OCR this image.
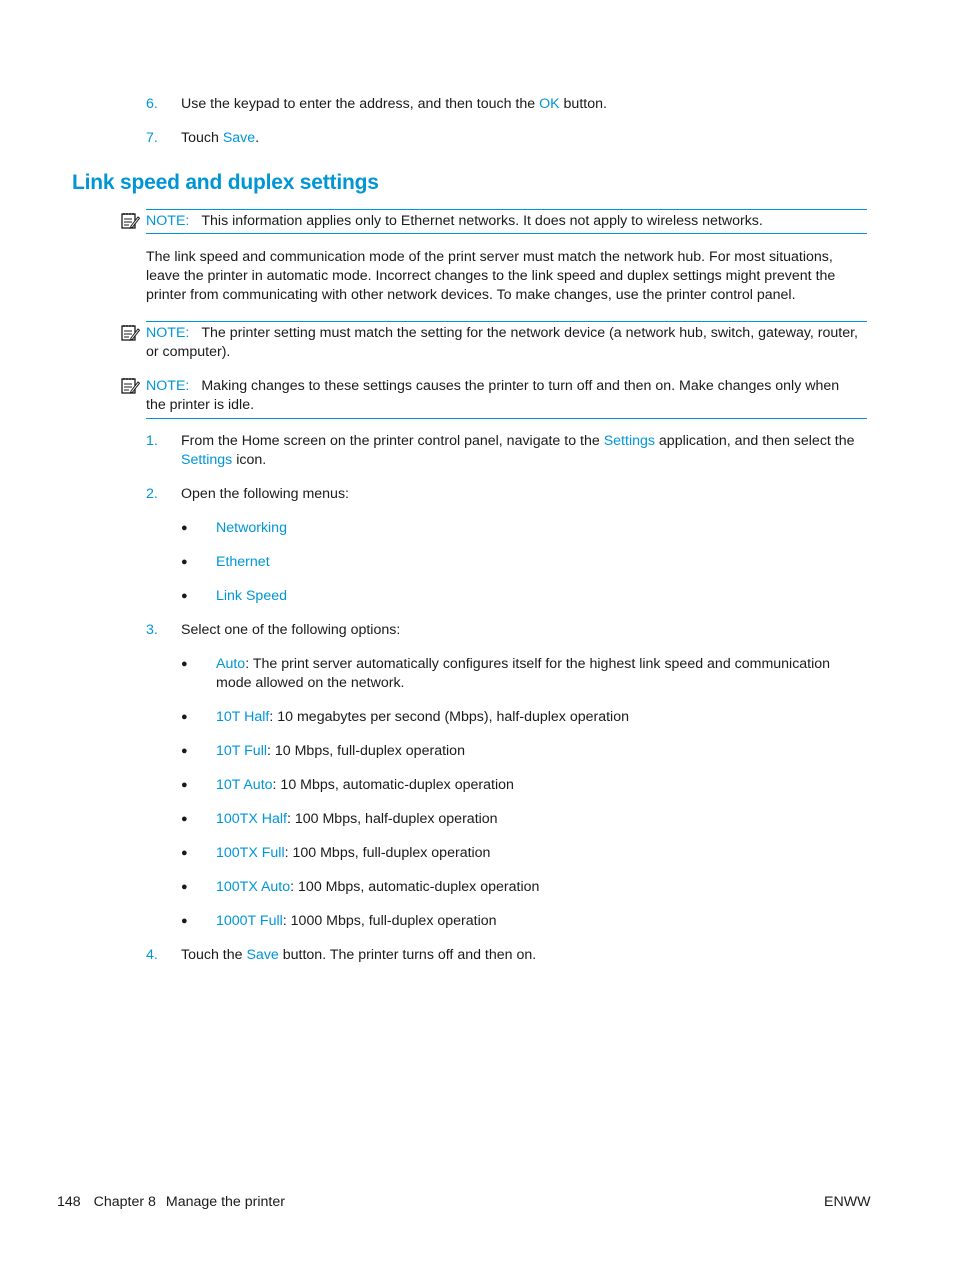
6. Use the keypad to enter the address, and then touch the OK button.
7. Touch Save.
Link speed and duplex settings
NOTE: This information applies only to Ethernet networks. It does not apply to wireless networks.

The link speed and communication mode of the print server must match the network hub. For most situations, leave the printer in automatic mode. Incorrect changes to the link speed and duplex settings might prevent the printer from communicating with other network devices. To make changes, use the printer control panel.

NOTE: The printer setting must match the setting for the network device (a network hub, switch, gateway, router, or computer).
NOTE: Making changes to these settings causes the printer to turn off and then on. Make changes only when the printer is idle.
1. From the Home screen on the printer control panel, navigate to the Settings application, and then select the Settings icon.
2. Open the following menus:
● Networking
● Ethernet
● Link Speed
3. Select one of the following options:
● Auto: The print server automatically configures itself for the highest link speed and communication mode allowed on the network.
● 10T Half: 10 megabytes per second (Mbps), half-duplex operation
● 10T Full: 10 Mbps, full-duplex operation
● 10T Auto: 10 Mbps, automatic-duplex operation
● 100TX Half: 100 Mbps, half-duplex operation
● 100TX Full: 100 Mbps, full-duplex operation
● 100TX Auto: 100 Mbps, automatic-duplex operation
● 1000T Full: 1000 Mbps, full-duplex operation
4. Touch the Save button. The printer turns off and then on.
148 Chapter 8 Manage the printer	ENWW
